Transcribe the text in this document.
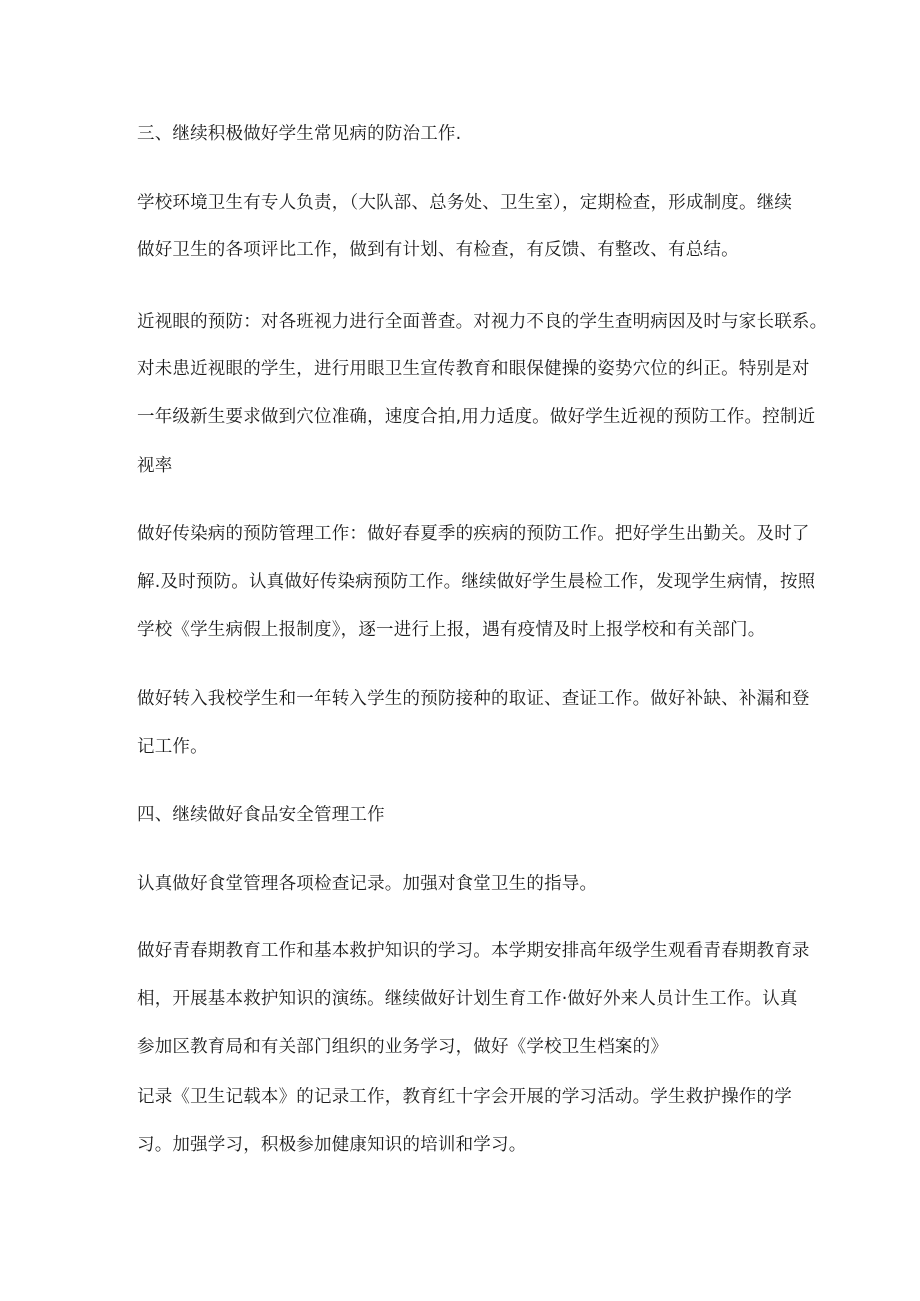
三、继续积极做好学生常见病的防治工作.
学校环境卫生有专人负责，（大队部、总务处、卫生室），定期检查，形成制度。继续
做好卫生的各项评比工作，做到有计划、有检查，有反馈、有整改、有总结。
近视眼的预防：对各班视力进行全面普查。对视力不良的学生查明病因及时与家长联系。
对未患近视眼的学生，进行用眼卫生宣传教育和眼保健操的姿势穴位的纠正。特别是对
一年级新生要求做到穴位准确，速度合拍,用力适度。做好学生近视的预防工作。控制近
视率
做好传染病的预防管理工作：做好春夏季的疾病的预防工作。把好学生出勤关。及时了
解.及时预防。认真做好传染病预防工作。继续做好学生晨检工作，发现学生病情，按照
学校《学生病假上报制度》，逐一进行上报，遇有疫情及时上报学校和有关部门。
做好转入我校学生和一年转入学生的预防接种的取证、查证工作。做好补缺、补漏和登
记工作。
四、继续做好食品安全管理工作
认真做好食堂管理各项检查记录。加强对食堂卫生的指导。
做好青春期教育工作和基本救护知识的学习。本学期安排高年级学生观看青春期教育录
相，开展基本救护知识的演练。继续做好计划生育工作·做好外来人员计生工作。认真
参加区教育局和有关部门组织的业务学习，做好《学校卫生档案的》
记录《卫生记载本》的记录工作，教育红十字会开展的学习活动。学生救护操作的学
习。加强学习，积极参加健康知识的培训和学习。
